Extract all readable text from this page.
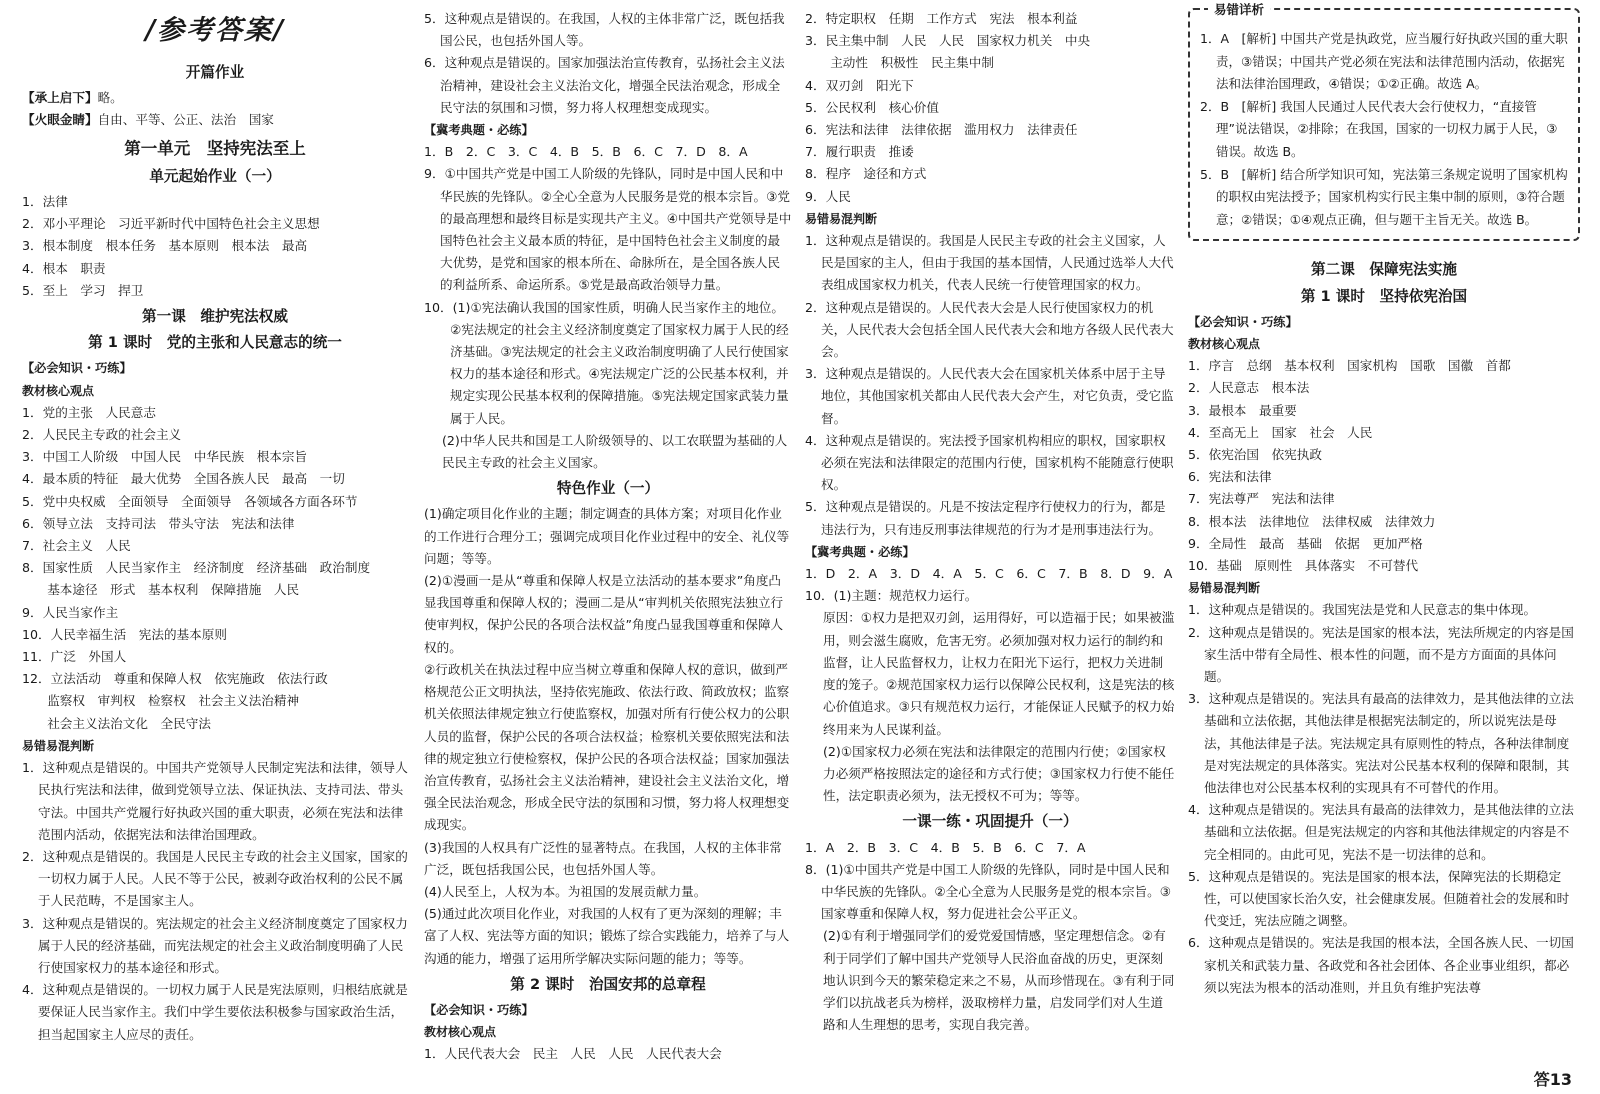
/参考答案/
开篇作业
【承上启下】略。
【火眼金睛】自由、平等、公正、法治　国家
第一单元　坚持宪法至上
单元起始作业（一）
1．法律
2．邓小平理论　习近平新时代中国特色社会主义思想
3．根本制度　根本任务　基本原则　根本法　最高
4．根本　职责
5．至上　学习　捍卫
第一课　维护宪法权威
第 1 课时　党的主张和人民意志的统一
【必会知识・巧练】
教材核心观点
1．党的主张　人民意志
2．人民民主专政的社会主义
3．中国工人阶级　中国人民　中华民族　根本宗旨
4．最本质的特征　最大优势　全国各族人民　最高　一切
5．党中央权威　全面领导　全面领导　各领域各方面各环节
6．领导立法　支持司法　带头守法　宪法和法律
7．社会主义　人民
8．国家性质　人民当家作主　经济制度　经济基础　政治制度
　　基本途径　形式　基本权利　保障措施　人民
9．人民当家作主
10．人民幸福生活　宪法的基本原则
11．广泛　外国人
12．立法活动　尊重和保障人权　依宪施政　依法行政
　　监察权　审判权　检察权　社会主义法治精神
　　社会主义法治文化　全民守法
易错易混判断
1．这种观点是错误的。中国共产党领导人民制定宪法和法律，领导人民执行宪法和法律，做到党领导立法、保证执法、支持司法、带头守法。中国共产党履行好执政兴国的重大职责，必须在宪法和法律范围内活动，依据宪法和法律治国理政。
2．这种观点是错误的。我国是人民民主专政的社会主义国家，国家的一切权力属于人民。人民不等于公民，被剥夺政治权利的公民不属于人民范畴，不是国家主人。
3．这种观点是错误的。宪法规定的社会主义经济制度奠定了国家权力属于人民的经济基础，而宪法规定的社会主义政治制度明确了人民行使国家权力的基本途径和形式。
4．这种观点是错误的。一切权力属于人民是宪法原则，归根结底就是要保证人民当家作主。我们中学生要依法积极参与国家政治生活，担当起国家主人应尽的责任。
5．这种观点是错误的。在我国，人权的主体非常广泛，既包括我国公民，也包括外国人等。
6．这种观点是错误的。国家加强法治宣传教育，弘扬社会主义法治精神，建设社会主义法治文化，增强全民法治观念，形成全民守法的氛围和习惯，努力将人权理想变成现实。
【冀考典题・必练】
1．B　2．C　3．C　4．B　5．B　6．C　7．D　8．A
9．①中国共产党是中国工人阶级的先锋队，同时是中国人民和中华民族的先锋队。②全心全意为人民服务是党的根本宗旨。③党的最高理想和最终目标是实现共产主义。④中国共产党领导是中国特色社会主义最本质的特征，是中国特色社会主义制度的最大优势，是党和国家的根本所在、命脉所在，是全国各族人民的利益所系、命运所系。⑤党是最高政治领导力量。
10．(1)①宪法确认我国的国家性质，明确人民当家作主的地位。②宪法规定的社会主义经济制度奠定了国家权力属于人民的经济基础。③宪法规定的社会主义政治制度明确了人民行使国家权力的基本途径和形式。④宪法规定广泛的公民基本权利，并规定实现公民基本权利的保障措施。⑤宪法规定国家武装力量属于人民。
(2)中华人民共和国是工人阶级领导的、以工农联盟为基础的人民民主专政的社会主义国家。
特色作业（一）
(1)确定项目化作业的主题；制定调查的具体方案；对项目化作业的工作进行合理分工；强调完成项目化作业过程中的安全、礼仪等问题；等等。
(2)①漫画一是从“尊重和保障人权是立法活动的基本要求”角度凸显我国尊重和保障人权的；漫画二是从“审判机关依照宪法独立行使审判权，保护公民的各项合法权益”角度凸显我国尊重和保障人权的。
②行政机关在执法过程中应当树立尊重和保障人权的意识，做到严格规范公正文明执法，坚持依宪施政、依法行政、简政放权；监察机关依照法律规定独立行使监察权，加强对所有行使公权力的公职人员的监督，保护公民的各项合法权益；检察机关要依照宪法和法律的规定独立行使检察权，保护公民的各项合法权益；国家加强法治宣传教育，弘扬社会主义法治精神，建设社会主义法治文化，增强全民法治观念，形成全民守法的氛围和习惯，努力将人权理想变成现实。
(3)我国的人权具有广泛性的显著特点。在我国，人权的主体非常广泛，既包括我国公民，也包括外国人等。
(4)人民至上，人权为本。为祖国的发展贡献力量。
(5)通过此次项目化作业，对我国的人权有了更为深刻的理解；丰富了人权、宪法等方面的知识；锻炼了综合实践能力，培养了与人沟通的能力，增强了运用所学解决实际问题的能力；等等。
第 2 课时　治国安邦的总章程
【必会知识・巧练】
教材核心观点
1．人民代表大会　民主　人民　人民　人民代表大会
2．特定职权　任期　工作方式　宪法　根本利益
3．民主集中制　人民　人民　国家权力机关　中央
　　主动性　积极性　民主集中制
4．双刃剑　阳光下
5．公民权利　核心价值
6．宪法和法律　法律依据　滥用权力　法律责任
7．履行职责　推诿
8．程序　途径和方式
9．人民
易错易混判断
1．这种观点是错误的。我国是人民民主专政的社会主义国家，人民是国家的主人，但由于我国的基本国情，人民通过选举人大代表组成国家权力机关，代表人民统一行使管理国家的权力。
2．这种观点是错误的。人民代表大会是人民行使国家权力的机关，人民代表大会包括全国人民代表大会和地方各级人民代表大会。
3．这种观点是错误的。人民代表大会在国家机关体系中居于主导地位，其他国家机关都由人民代表大会产生，对它负责，受它监督。
4．这种观点是错误的。宪法授予国家机构相应的职权，国家职权必须在宪法和法律限定的范围内行使，国家机构不能随意行使职权。
5．这种观点是错误的。凡是不按法定程序行使权力的行为，都是违法行为，只有违反刑事法律规范的行为才是刑事违法行为。
【冀考典题・必练】
1．D　2．A　3．D　4．A　5．C　6．C　7．B　8．D　9．A
10．(1)主题：规范权力运行。
原因：①权力是把双刃剑，运用得好，可以造福于民；如果被滥用，则会滋生腐败，危害无穷。必须加强对权力运行的制约和监督，让人民监督权力，让权力在阳光下运行，把权力关进制度的笼子。②规范国家权力运行以保障公民权利，这是宪法的核心价值追求。③只有规范权力运行，才能保证人民赋予的权力始终用来为人民谋利益。
(2)①国家权力必须在宪法和法律限定的范围内行使；②国家权力必须严格按照法定的途径和方式行使；③国家权力行使不能任性，法定职责必须为，法无授权不可为；等等。
一课一练・巩固提升（一）
1．A　2．B　3．C　4．B　5．B　6．C　7．A
8．(1)①中国共产党是中国工人阶级的先锋队，同时是中国人民和中华民族的先锋队。②全心全意为人民服务是党的根本宗旨。③国家尊重和保障人权，努力促进社会公平正义。
(2)①有利于增强同学们的爱党爱国情感，坚定理想信念。②有利于同学们了解中国共产党领导人民浴血奋战的历史，更深刻地认识到今天的繁荣稳定来之不易，从而珍惜现在。③有利于同学们以抗战老兵为榜样，汲取榜样力量，启发同学们对人生道路和人生理想的思考，实现自我完善。
易错详析
1．A　[解析] 中国共产党是执政党，应当履行好执政兴国的重大职责，③错误；中国共产党必须在宪法和法律范围内活动，依据宪法和法律治国理政，④错误；①②正确。故选 A。
2．B　[解析] 我国人民通过人民代表大会行使权力，“直接管理”说法错误，②排除；在我国，国家的一切权力属于人民，③错误。故选 B。
5．B　[解析] 结合所学知识可知，宪法第三条规定说明了国家机构的职权由宪法授予；国家机构实行民主集中制的原则，③符合题意；②错误；①④观点正确，但与题干主旨无关。故选 B。
第二课　保障宪法实施
第 1 课时　坚持依宪治国
【必会知识・巧练】
教材核心观点
1．序言　总纲　基本权利　国家机构　国歌　国徽　首都
2．人民意志　根本法
3．最根本　最重要
4．至高无上　国家　社会　人民
5．依宪治国　依宪执政
6．宪法和法律
7．宪法尊严　宪法和法律
8．根本法　法律地位　法律权威　法律效力
9．全局性　最高　基础　依据　更加严格
10．基础　原则性　具体落实　不可替代
易错易混判断
1．这种观点是错误的。我国宪法是党和人民意志的集中体现。
2．这种观点是错误的。宪法是国家的根本法，宪法所规定的内容是国家生活中带有全局性、根本性的问题，而不是方方面面的具体问题。
3．这种观点是错误的。宪法具有最高的法律效力，是其他法律的立法基础和立法依据，其他法律是根据宪法制定的，所以说宪法是母法，其他法律是子法。宪法规定具有原则性的特点，各种法律制度是对宪法规定的具体落实。宪法对公民基本权利的保障和限制，其他法律也对公民基本权利的实现具有不可替代的作用。
4．这种观点是错误的。宪法具有最高的法律效力，是其他法律的立法基础和立法依据。但是宪法规定的内容和其他法律规定的内容是不完全相同的。由此可见，宪法不是一切法律的总和。
5．这种观点是错误的。宪法是国家的根本法，保障宪法的长期稳定性，可以使国家长治久安，社会健康发展。但随着社会的发展和时代变迁，宪法应随之调整。
6．这种观点是错误的。宪法是我国的根本法，全国各族人民、一切国家机关和武装力量、各政党和各社会团体、各企业事业组织，都必须以宪法为根本的活动准则，并且负有维护宪法尊
答13
